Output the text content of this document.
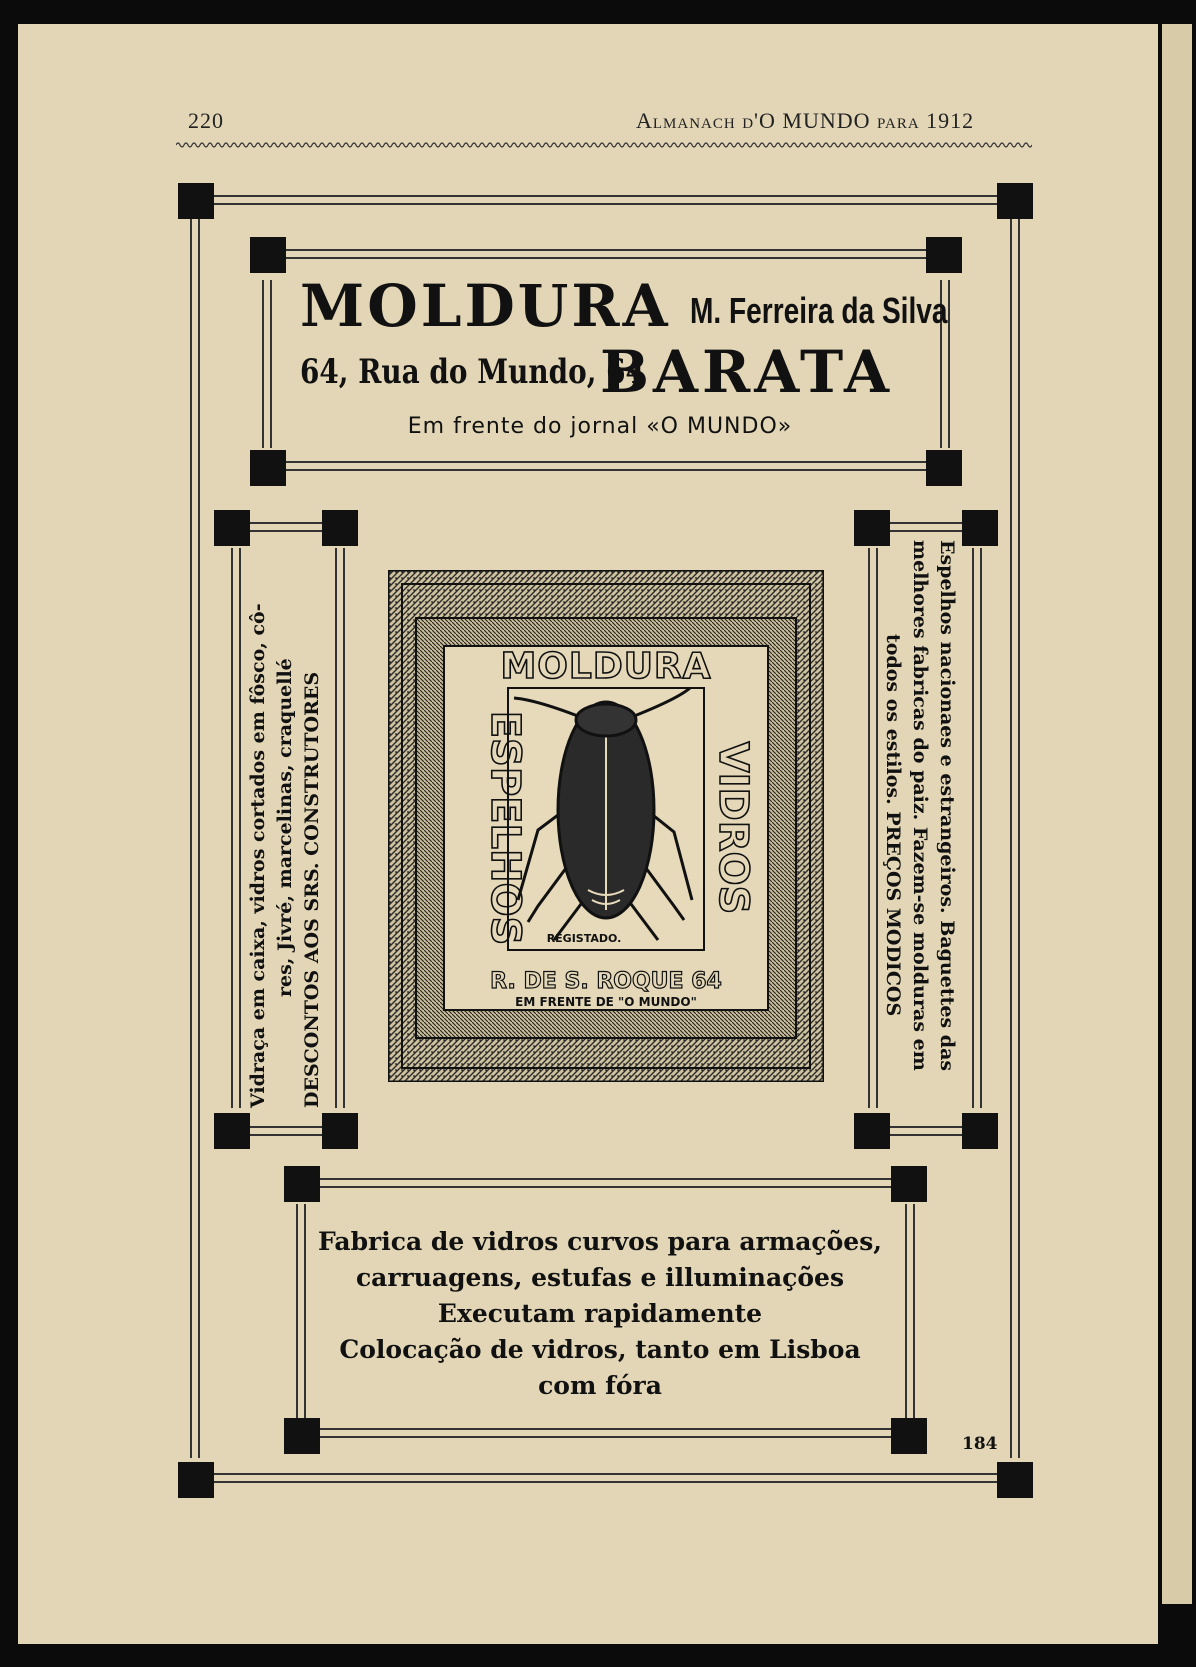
220	Almanach d'O MUNDO para 1912
MOLDURA M. Ferreira da Silva
64, Rua do Mundo, 64
BARATA
Em frente do jornal «O MUNDO»
Vidraça em caixa, vidros cortados em fôsco, cô- res, Jivré, marcelinas, craquellé DESCONTOS AOS SRS. CONSTRUTORES	Espelhos nacionaes e estrangeiros. Baguettes das
melhores fabricas do paiz. Fazem-se molduras em
todos os estilos. PREÇOS MODICOS
MOLDURA
ESPELHOS	VIDROS
REGISTADO.
R. DE S. ROQUE 64
EM FRENTE DE "O MUNDO"
Fabrica de vidros curvos para armações,
carruagens, estufas e illuminações
Executam rapidamente
Colocação de vidros, tanto em Lisboa
com fóra
184
